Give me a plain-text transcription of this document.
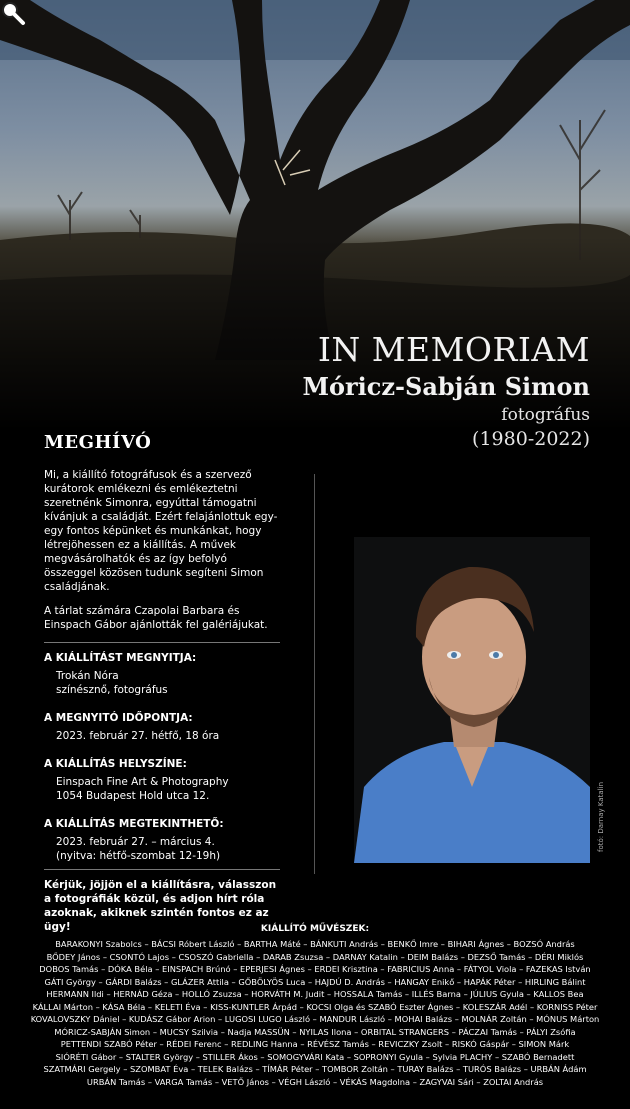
IN MEMORIAM
Móricz-Sabján Simon
fotográfus
(1980-2022)
MEGHÍVÓ

Mi, a kiállító fotográfusok és a szervező kurátorok emlékezni és emlékeztetni szeretnénk Simonra, egyúttal támogatni kívánjuk a családját. Ezért felajánlottuk egy-egy fontos képünket és munkánkat, hogy létrejöhessen ez a kiállítás. A művek megvásárolhatók és az így befolyó összeggel közösen tudunk segíteni Simon családjának.

A tárlat számára Czapolai Barbara és Einspach Gábor ajánlották fel galériájukat.

A KIÁLLÍTÁST MEGNYITJA:
Trokán Nóra
színésznő, fotográfus
A MEGNYITÓ IDŐPONTJA:
2023. február 27. hétfő, 18 óra
A KIÁLLÍTÁS HELYSZÍNE:
Einspach Fine Art & Photography
1054 Budapest Hold utca 12.
A KIÁLLÍTÁS MEGTEKINTHETŐ:
2023. február 27. – március 4.
(nyitva: hétfő-szombat 12-19h)

Kérjük, jöjjön el a kiállításra, válasszon a fotográfiák közül, és adjon hírt róla azoknak, akiknek szintén fontos ez az ügy!

fotó: Darnay Katalin
KIÁLLÍTÓ MŰVÉSZEK:
BARAKONYI Szabolcs – BÁCSI Róbert László – BARTHA Máté – BÁNKUTI András – BENKŐ Imre – BIHARI Ágnes – BOZSÓ András
BŐDEY János – CSONTÓ Lajos – CSOSZÓ Gabriella – DARAB Zsuzsa – DARNAY Katalin – DEIM Balázs – DEZSŐ Tamás – DÉRI Miklós
DOBOS Tamás – DÓKA Béla – EINSPACH Brúnó – EPERJESI Ágnes – ERDEI Krisztina – FABRICIUS Anna – FÁTYOL Viola – FAZEKAS István
GÁTI György – GÁRDI Balázs – GLÁZER Attila – GŐBÖLYÖS Luca – HAJDÚ D. András – HANGAY Enikő – HAPÁK Péter – HIRLING Bálint
HERMANN Ildi – HERNÁD Géza – HOLLÓ Zsuzsa – HORVÁTH M. Judit – HOSSALA Tamás – ILLÉS Barna – JÚLIUS Gyula – KALLOS Bea
KÁLLAI Márton – KÁSA Béla – KELETI Éva – KISS-KUNTLER Árpád – KOCSI Olga és SZABÓ Eszter Ágnes – KOLESZÁR Adél – KORNISS Péter
KOVALOVSZKY Dániel – KUDÁSZ Gábor Arion – LUGOSI LUGO László – MANDUR László – MOHAI Balázs – MOLNÁR Zoltán – MÓNUS Márton
MÓRICZ-SABJÁN Simon – MUCSY Szilvia – Nadja MASSÜN – NYILAS Ilona – ORBITAL STRANGERS – PÁCZAI Tamás – PÁLYI Zsófia
PETTENDI SZABÓ Péter – RÉDEI Ferenc – REDLING Hanna – RÉVÉSZ Tamás – REVICZKY Zsolt – RISKÓ Gáspár – SIMON Márk
SIÓRÉTI Gábor – STALTER György – STILLER Ákos – SOMOGYVÁRI Kata – SOPRONYI Gyula – Sylvia PLACHY – SZABÓ Bernadett
SZATMÁRI Gergely – SZOMBAT Éva – TELEK Balázs – TÍMÁR Péter – TOMBOR Zoltán – TURAY Balázs – TURÓS Balázs – URBÁN Ádám
URBÁN Tamás – VARGA Tamás – VETŐ János – VÉGH László – VÉKÁS Magdolna – ZAGYVAI Sári – ZOLTAI András
